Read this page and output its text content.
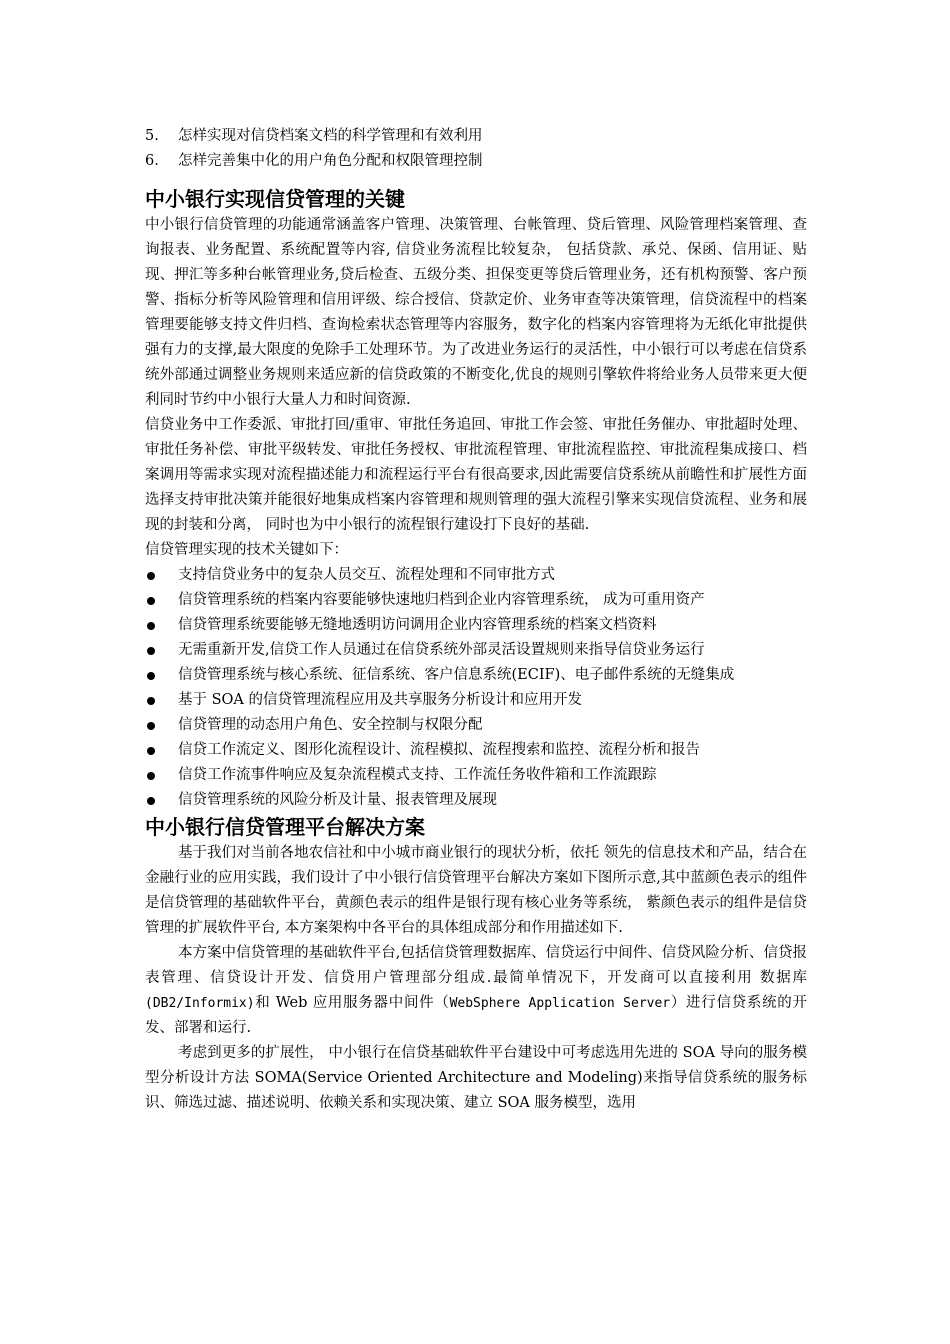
5. 怎样实现对信贷档案文档的科学管理和有效利用
6. 怎样完善集中化的用户角色分配和权限管理控制
中小银行实现信贷管理的关键

中小银行信贷管理的功能通常涵盖客户管理、决策管理、台帐管理、贷后管理、风险管理档案管理、查询报表、业务配置、系统配置等内容, 信贷业务流程比较复杂， 包括贷款、承兑、保函、信用证、贴现、押汇等多种台帐管理业务,贷后检查、五级分类、担保变更等贷后管理业务，还有机构预警、客户预警、指标分析等风险管理和信用评级、综合授信、贷款定价、业务审查等决策管理，信贷流程中的档案管理要能够支持文件归档、查询检索状态管理等内容服务，数字化的档案内容管理将为无纸化审批提供强有力的支撑,最大限度的免除手工处理环节。为了改进业务运行的灵活性，中小银行可以考虑在信贷系统外部通过调整业务规则来适应新的信贷政策的不断变化,优良的规则引擎软件将给业务人员带来更大便利同时节约中小银行大量人力和时间资源.

信贷业务中工作委派、审批打回/重审、审批任务追回、审批工作会签、审批任务催办、审批超时处理、审批任务补偿、审批平级转发、审批任务授权、审批流程管理、审批流程监控、审批流程集成接口、档案调用等需求实现对流程描述能力和流程运行平台有很高要求,因此需要信贷系统从前瞻性和扩展性方面选择支持审批决策并能很好地集成档案内容管理和规则管理的强大流程引擎来实现信贷流程、业务和展现的封装和分离， 同时也为中小银行的流程银行建设打下良好的基础.

信贷管理实现的技术关键如下：

支持信贷业务中的复杂人员交互、流程处理和不同审批方式
信贷管理系统的档案内容要能够快速地归档到企业内容管理系统， 成为可重用资产
信贷管理系统要能够无缝地透明访问调用企业内容管理系统的档案文档资料
无需重新开发,信贷工作人员通过在信贷系统外部灵活设置规则来指导信贷业务运行
信贷管理系统与核心系统、征信系统、客户信息系统(ECIF)、电子邮件系统的无缝集成
基于 SOA 的信贷管理流程应用及共享服务分析设计和应用开发
信贷管理的动态用户角色、安全控制与权限分配
信贷工作流定义、图形化流程设计、流程模拟、流程搜索和监控、流程分析和报告
信贷工作流事件响应及复杂流程模式支持、工作流任务收件箱和工作流跟踪
信贷管理系统的风险分析及计量、报表管理及展现
中小银行信贷管理平台解决方案

基于我们对当前各地农信社和中小城市商业银行的现状分析，依托 领先的信息技术和产品，结合在金融行业的应用实践，我们设计了中小银行信贷管理平台解决方案如下图所示意,其中蓝颜色表示的组件是信贷管理的基础软件平台，黄颜色表示的组件是银行现有核心业务等系统， 紫颜色表示的组件是信贷管理的扩展软件平台, 本方案架构中各平台的具体组成部分和作用描述如下.

本方案中信贷管理的基础软件平台,包括信贷管理数据库、信贷运行中间件、信贷风险分析、信贷报表管理、信贷设计开发、信贷用户管理部分组成.最简单情况下，开发商可以直接利用 数据库(DB2/Informix)和 Web 应用服务器中间件（WebSphere Application Server）进行信贷系统的开发、部署和运行.

考虑到更多的扩展性， 中小银行在信贷基础软件平台建设中可考虑选用先进的 SOA 导向的服务模型分析设计方法 SOMA(Service Oriented Architecture and Modeling)来指导信贷系统的服务标识、筛选过滤、描述说明、依赖关系和实现决策、建立 SOA 服务模型，选用
